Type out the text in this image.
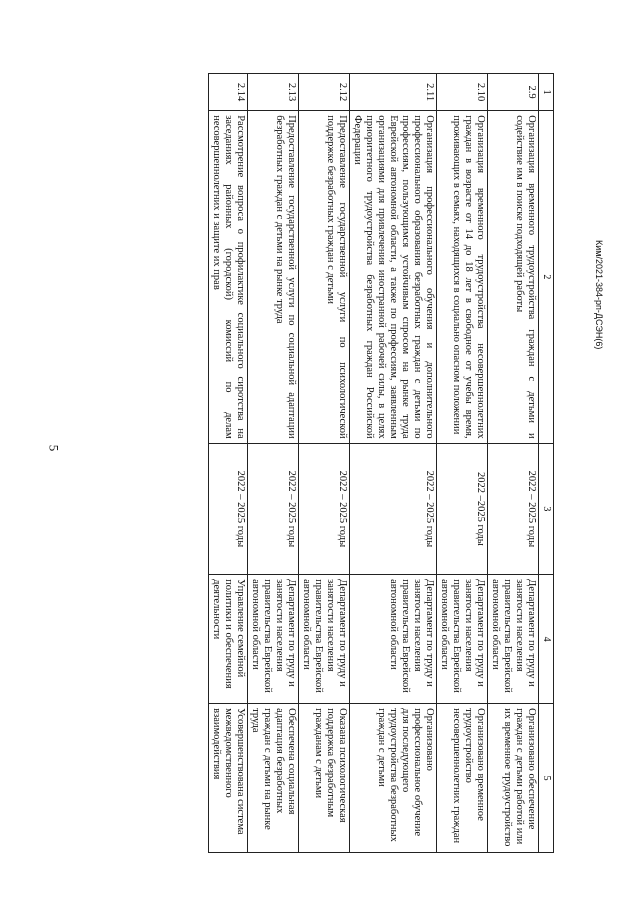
5
1	2	3	4	5
2.9	Организация временного трудоустройства граждан с детьми и содействие им в поиске подходящей работы	2022 – 2025 годы	Департамент по труду и занятости населения правительства Еврейской автономной области	Организовано обеспечение граждан с детьми работой или их временное трудоустройство
2.10	Организация временного трудоустройства несовершеннолетних граждан в возрасте от 14 до 18 лет в свободное от учебы время, проживающих в семьях, находящихся в социально опасном положении	2022 –2025 годы	Департамент по труду и занятости населения правительства Еврейской автономной области	Организовано временное трудоустройство несовершеннолетних граждан
2.11	Организация профессионального обучения и дополнительного профессионального образования безработных граждан с детьми по профессиям, пользующимся устойчивым спросом на рынке труда Еврейской автономной области, а также по профессиям, заявленным организациями для привлечения иностранной рабочей силы, в целях приоритетного трудоустройства безработных граждан Российской Федерации	2022 – 2025 годы	Департамент по труду и занятости населения правительства Еврейской автономной области	Организовано профессиональное обучение для последующего трудоустройства безработных граждан с детьми
2.12	Предоставление государственной услуги по психологической поддержке безработных граждан с детьми	2022 – 2025 годы	Департамент по труду и занятости населения правительства Еврейской автономной области	Оказана психологическая поддержка безработным гражданам с детьми
2.13	Предоставление государственной услуги по социальной адаптации безработных граждан с детьми на рынке труда	2022 – 2025 годы	Департамент по труду и занятости населения правительства Еврейской автономной области	Обеспечена социальная адаптация безработных граждан с детьми на рынке труда
2.14	Рассмотрение вопроса о профилактике социального сиротства на заседаниях районных (городской) комиссий по делам несовершеннолетних и защите их прав	2022 – 2025 годы	Управление семейной политики и обеспечения деятельности	Усовершенствована система межведомственного взаимодействия
Ким/2021-384-рп-ДСЭН(6)
